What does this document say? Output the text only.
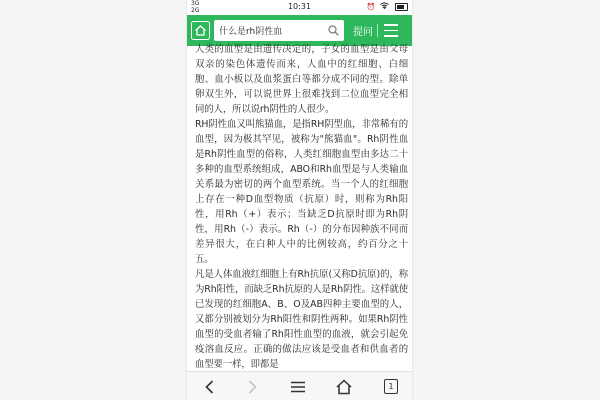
3G
2G	10:31	⏰
什么是rh阴性血	提问

人类的血型是由遗传决定的，子女的血型是由父母双亲的染色体遗传而来，人血中的红细胞、白细胞、血小板以及血浆蛋白等都分成不同的型。除单卵双生外，可以说世界上很难找到二位血型完全相同的人，所以说rh阴性的人很少。

RH阴性血又叫熊猫血，是指RH阴型血，非常稀有的血型，因为极其罕见，被称为"熊猫血"。Rh阴性血是Rh阴性血型的俗称，人类红细胞血型由多达二十多种的血型系统组成，ABO和Rh血型是与人类输血关系最为密切的两个血型系统。当一个人的红细胞上存在一种D血型物质（抗原）时，则称为Rh阳性，用Rh（+）表示；当缺乏D抗原时即为Rh阴性，用Rh（-）表示。Rh（-）的分布因种族不同而差异很大，在白种人中的比例较高，约百分之十五。

凡是人体血液红细胞上有Rh抗原(又称D抗原)的，称为Rh阳性，而缺乏Rh抗原的人是Rh阴性。这样就使已发现的红细胞A、B、O及AB四种主要血型的人，又都分别被划分为Rh阳性和阴性两种。如果Rh阴性血型的受血者输了Rh阳性血型的血液，就会引起免疫溶血反应。正确的做法应该是受血者和供血者的血型要一样，即都是

1
